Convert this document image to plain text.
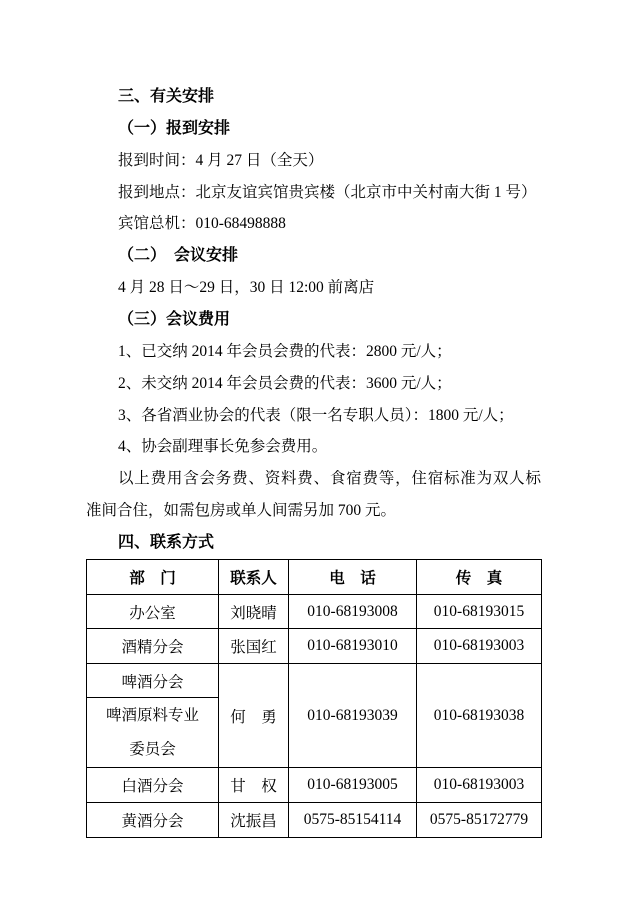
三、有关安排
（一）报到安排
报到时间：4 月 27 日（全天）
报到地点：北京友谊宾馆贵宾楼（北京市中关村南大街 1 号）
宾馆总机：010-68498888
（二）  会议安排
4 月 28 日～29 日，30 日 12:00 前离店
（三）会议费用
1、已交纳 2014 年会员会费的代表：2800 元/人；
2、未交纳 2014 年会员会费的代表：3600 元/人；
3、各省酒业协会的代表（限一名专职人员）：1800 元/人；
4、协会副理事长免参会费用。
以上费用含会务费、资料费、食宿费等，住宿标准为双人标
准间合住，如需包房或单人间需另加 700 元。
四、联系方式
部　门	联系人	电　话	传　真
办公室	刘晓晴	010-68193008	010-68193015
酒精分会	张国红	010-68193010	010-68193003
啤酒分会	何　勇	010-68193039	010-68193038

啤酒原料专业
委员会			

白酒分会	甘　权	010-68193005	010-68193003
黄酒分会	沈振昌	0575-85154114	0575-85172779
